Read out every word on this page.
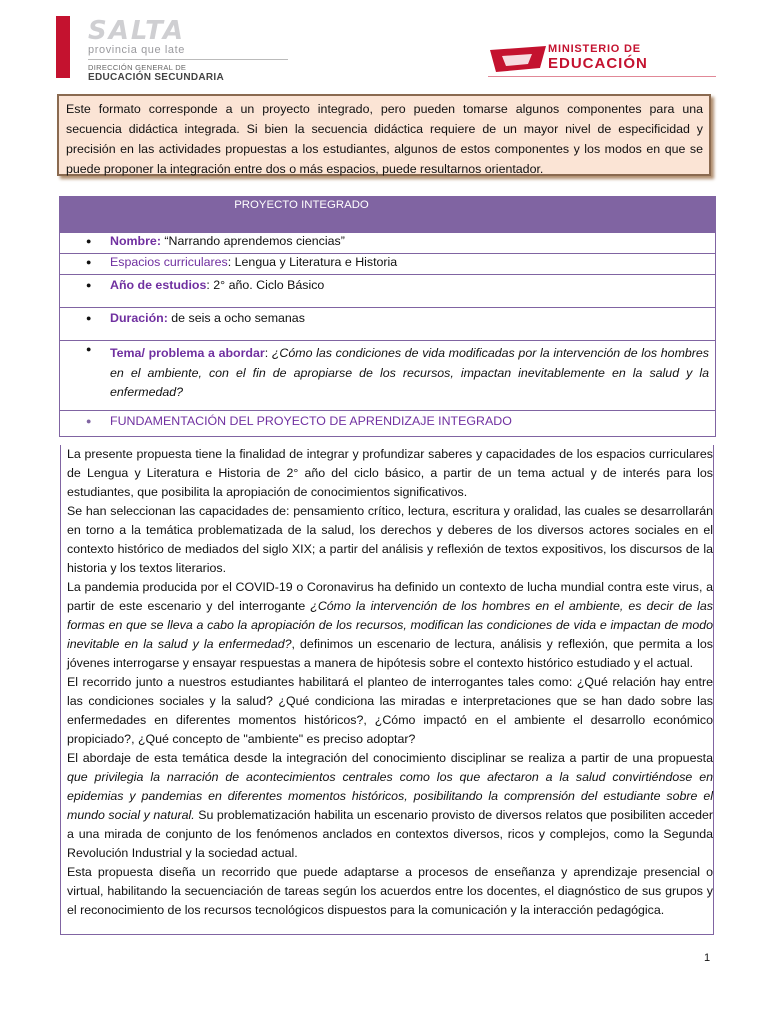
SALTA
provincia que late
DIRECCIÓN GENERAL DE
EDUCACIÓN SECUNDARIA
MINISTERIO DE
EDUCACIÓN
Este formato corresponde a un proyecto integrado, pero pueden tomarse algunos componentes para una secuencia didáctica integrada. Si bien la secuencia didáctica requiere de un mayor nivel de especificidad y precisión en las actividades propuestas a los estudiantes, algunos de estos componentes y los modos en que se puede proponer la integración entre dos o más espacios, puede resultarnos orientador.
PROYECTO INTEGRADO
● Nombre: “Narrando aprendemos ciencias”
● Espacios curriculares: Lengua y Literatura e Historia
● Año de estudios: 2° año. Ciclo Básico
● Duración: de seis a ocho semanas

●	Tema/ problema a abordar: ¿Cómo las condiciones de vida modificadas por la intervención de los hombres en el ambiente, con el fin de apropiarse de los recursos, impactan inevitablemente en la salud y la enfermedad?

● FUNDAMENTACIÓN DEL PROYECTO DE APRENDIZAJE INTEGRADO

La presente propuesta tiene la finalidad de integrar y profundizar saberes y capacidades de los espacios curriculares de Lengua y Literatura e Historia de 2° año del ciclo básico, a partir de un tema actual y de interés para los estudiantes, que posibilita la apropiación de conocimientos significativos.

Se han seleccionan las capacidades de: pensamiento crítico, lectura, escritura y oralidad, las cuales se desarrollarán en torno a la temática problematizada de la salud, los derechos y deberes de los diversos actores sociales en el contexto histórico de mediados del siglo XIX; a partir del análisis y reflexión de textos expositivos, los discursos de la historia y los textos literarios.

La pandemia producida por el COVID-19 o Coronavirus ha definido un contexto de lucha mundial contra este virus, a partir de este escenario y del interrogante ¿Cómo la intervención de los hombres en el ambiente, es decir de las formas en que se lleva a cabo la apropiación de los recursos, modifican las condiciones de vida e impactan de modo inevitable en la salud y la enfermedad?, definimos un escenario de lectura, análisis y reflexión, que permita a los jóvenes interrogarse y ensayar respuestas a manera de hipótesis sobre el contexto histórico estudiado y el actual.

El recorrido junto a nuestros estudiantes habilitará el planteo de interrogantes tales como: ¿Qué relación hay entre las condiciones sociales y la salud? ¿Qué condiciona las miradas e interpretaciones que se han dado sobre las enfermedades en diferentes momentos históricos?, ¿Cómo impactó en el ambiente el desarrollo económico propiciado?, ¿Qué concepto de "ambiente" es preciso adoptar?

El abordaje de esta temática desde la integración del conocimiento disciplinar se realiza a partir de una propuesta que privilegia la narración de acontecimientos centrales como los que afectaron a la salud convirtiéndose en epidemias y pandemias en diferentes momentos históricos, posibilitando la comprensión del estudiante sobre el mundo social y natural. Su problematización habilita un escenario provisto de diversos relatos que posibiliten acceder a una mirada de conjunto de los fenómenos anclados en contextos diversos, ricos y complejos, como la Segunda Revolución Industrial y la sociedad actual.

Esta propuesta diseña un recorrido que puede adaptarse a procesos de enseñanza y aprendizaje presencial o virtual, habilitando la secuenciación de tareas según los acuerdos entre los docentes, el diagnóstico de sus grupos y el reconocimiento de los recursos tecnológicos dispuestos para la comunicación y la interacción pedagógica.

1
